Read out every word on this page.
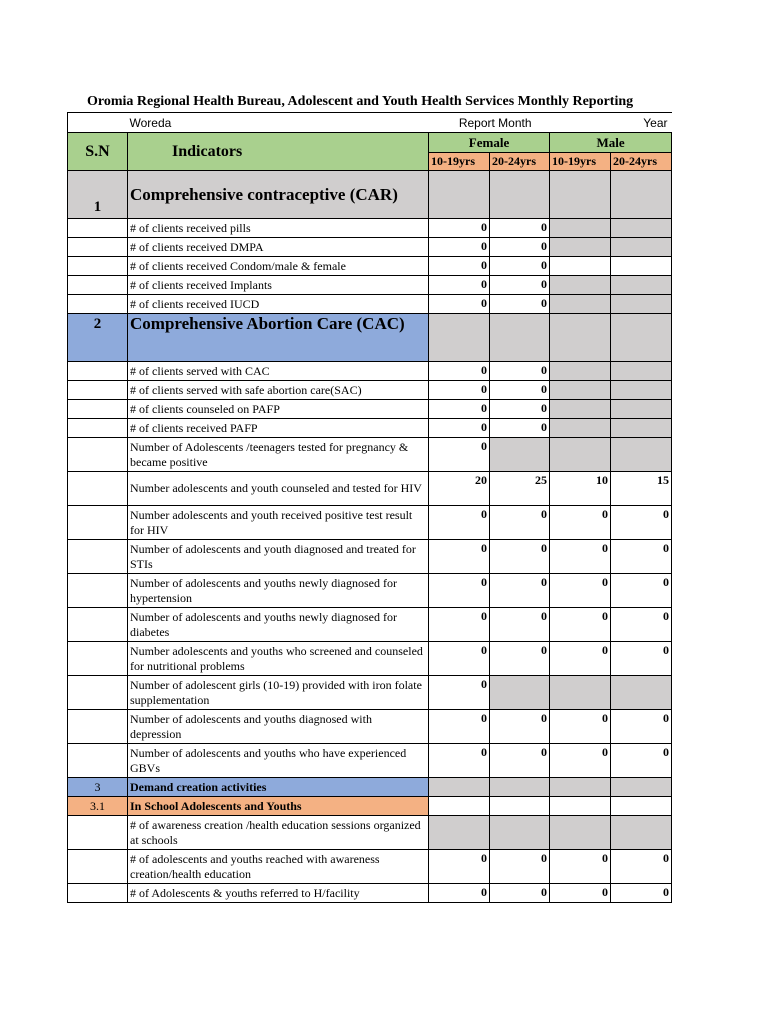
Oromia Regional Health Bureau, Adolescent and Youth Health Services Monthly Reporting
	Woreda	Report Month		Year	
S.N	Indicators	Female		Male	
		10-19yrs	20-24yrs	10-19yrs	20-24yrs
1	Comprehensive contraceptive (CAR)				
	# of clients received pills	0	0		
	# of clients received DMPA	0	0		
	# of clients received Condom/male & female	0	0		
	# of clients received Implants	0	0		
	# of clients received IUCD	0	0		
2	Comprehensive Abortion Care (CAC)				
	# of clients served with CAC	0	0		
	# of clients served with safe abortion care(SAC)	0	0		
	# of clients counseled on PAFP	0	0		
	# of clients received PAFP	0	0		
	Number of Adolescents /teenagers tested for pregnancy & became positive	0			
	Number adolescents and youth counseled and tested for HIV	20	25	10	15
	Number adolescents and youth received positive test result for HIV	0	0	0	0
	Number of adolescents and youth diagnosed and treated for STIs	0	0	0	0
	Number of adolescents and youths newly diagnosed for hypertension	0	0	0	0
	Number of adolescents and youths newly diagnosed for diabetes	0	0	0	0
	Number adolescents and youths who screened and counseled for nutritional problems	0	0	0	0
	Number of adolescent girls (10-19) provided with iron folate supplementation	0			
	Number of adolescents and youths diagnosed with depression	0	0	0	0
	Number of adolescents and youths who have experienced GBVs	0	0	0	0
3	Demand creation activities				
3.1	In School Adolescents and Youths				
	# of awareness creation /health education sessions organized at schools				
	# of adolescents and youths reached with awareness creation/health education	0	0	0	0
	# of Adolescents & youths referred to H/facility	0	0	0	0
